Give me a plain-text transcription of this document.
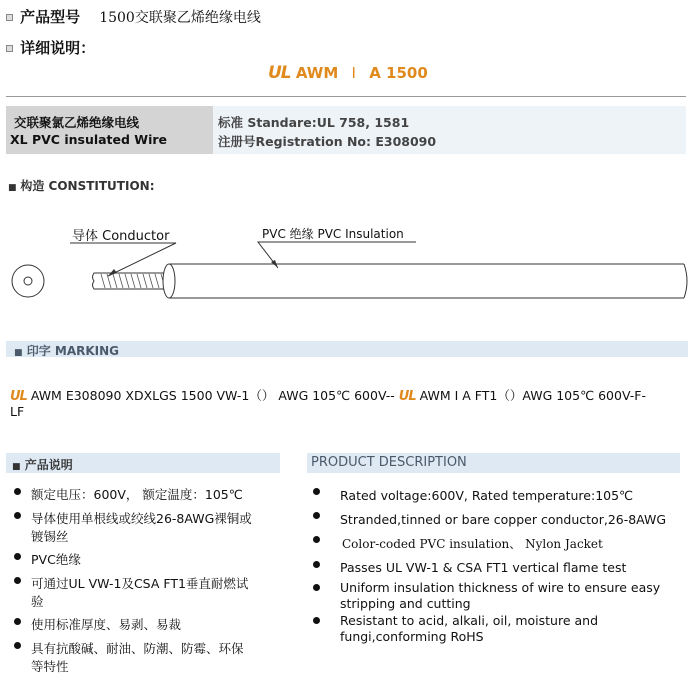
产品型号 1500交联聚乙烯绝缘电线
详细说明：
UL AWM I A 1500
交联聚氯乙烯绝缘电线
XL PVC insulated Wire
标准 Standare:UL 758, 1581
注册号Registration No: E308090
■ 构造 CONSTITUTION:
导体 Conductor	PVC 绝缘 PVC Insulation
■ 印字 MARKING
UL AWM E308090 XDXLGS 1500 VW-1（） AWG 105℃ 600V-- UL AWM I A FT1（）AWG 105℃ 600V-F-
LF
■ 产品说明
额定电压：600V， 额定温度：105℃
导体使用单根线或绞线26-8AWG裸铜或
镀锡丝
PVC绝缘
可通过UL VW-1及CSA FT1垂直耐燃试
验
使用标准厚度、易剥、易裁
具有抗酸碱、耐油、防潮、防霉、环保
等特性
PRODUCT DESCRIPTION
Rated voltage:600V, Rated temperature:105℃
Stranded,tinned or bare copper conductor,26-8AWG
Color-coded PVC insulation、 Nylon Jacket
Passes UL VW-1 & CSA FT1 vertical flame test
Uniform insulation thickness of wire to ensure easy
stripping and cutting
Resistant to acid, alkali, oil, moisture and
fungi,conforming RoHS
